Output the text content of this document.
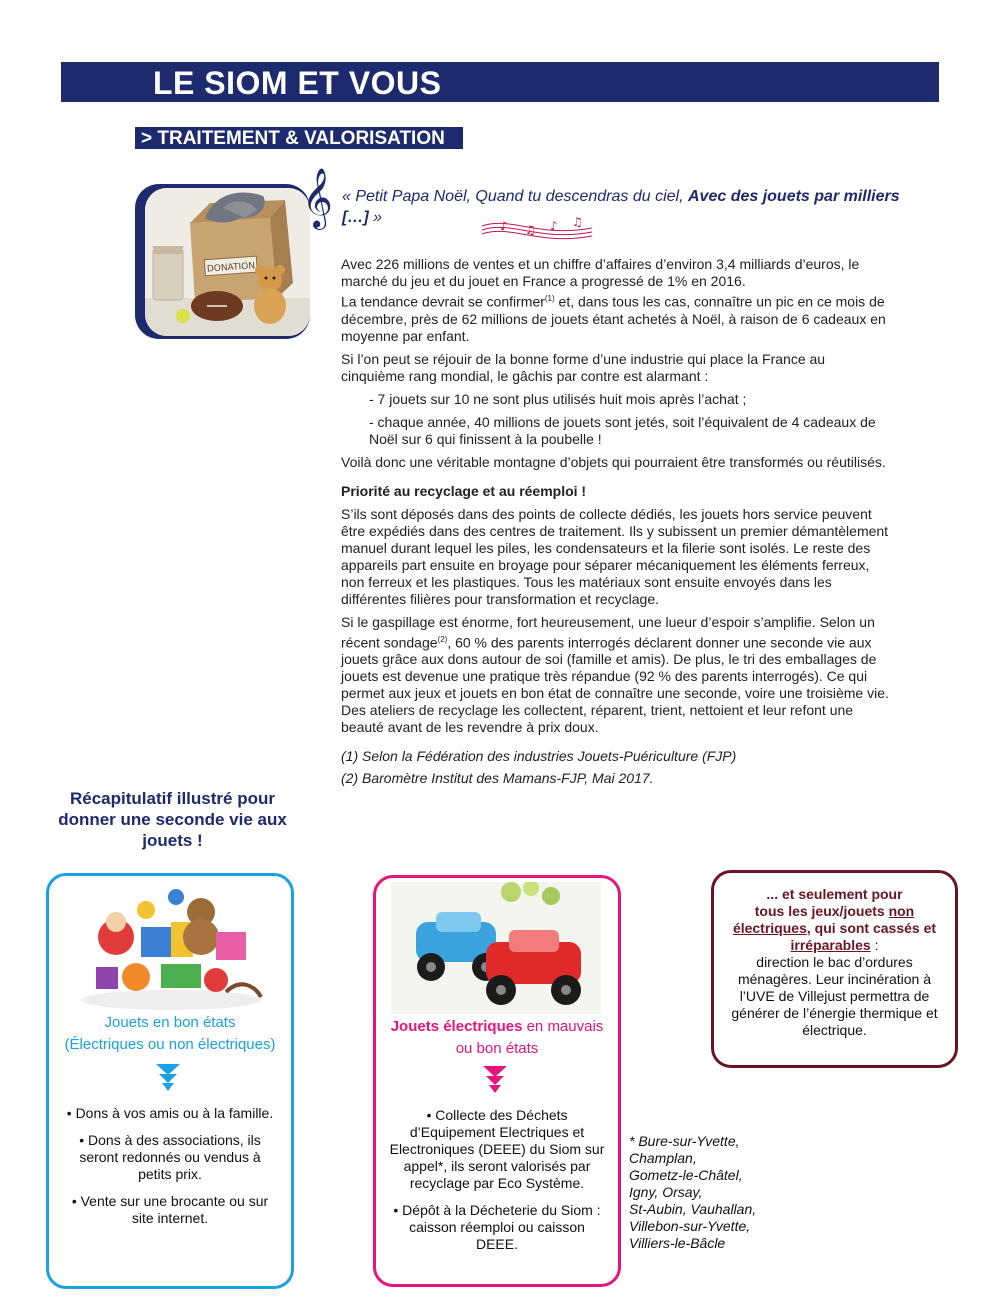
LE SIOM ET VOUS
> TRAITEMENT & VALORISATION
DONATION
𝄞 « Petit Papa Noël, Quand tu descendras du ciel, Avec des jouets par milliers […] »	♪ ♫ ♪ ♫

Avec 226 millions de ventes et un chiffre d’affaires d’environ 3,4 milliards d’euros, le marché du jeu et du jouet en France a progressé de 1% en 2016.
La tendance devrait se confirmer$^{(1)}$ et, dans tous les cas, connaître un pic en ce mois de décembre, près de 62 millions de jouets étant achetés à Noël, à raison de 6 cadeaux en moyenne par enfant.

Si l’on peut se réjouir de la bonne forme d’une industrie qui place la France au cinquième rang mondial, le gâchis par contre est alarmant :

- 7 jouets sur 10 ne sont plus utilisés huit mois après l’achat ;

- chaque année, 40 millions de jouets sont jetés, soit l’équivalent de 4 cadeaux de Noël sur 6 qui finissent à la poubelle !

Voilà donc une véritable montagne d’objets qui pourraient être transformés ou réutilisés.

Priorité au recyclage et au réemploi !

S’ils sont déposés dans des points de collecte dédiés, les jouets hors service peuvent être expédiés dans des centres de traitement. Ils y subissent un premier démantèlement manuel durant lequel les piles, les condensateurs et la filerie sont isolés. Le reste des appareils part ensuite en broyage pour séparer mécaniquement les éléments ferreux, non ferreux et les plastiques. Tous les matériaux sont ensuite envoyés dans les différentes filières pour transformation et recyclage.

Si le gaspillage est énorme, fort heureusement, une lueur d’espoir s’amplifie. Selon un récent sondage$^{(2)}$, 60 % des parents interrogés déclarent donner une seconde vie aux jouets grâce aux dons autour de soi (famille et amis). De plus, le tri des emballages de jouets est devenue une pratique très répandue (92 % des parents interrogés). Ce qui permet aux jeux et jouets en bon état de connaître une seconde, voire une troisième vie. Des ateliers de recyclage les collectent, réparent, trient, nettoient et leur refont une beauté avant de les revendre à prix doux.

(1) Selon la Fédération des industries Jouets-Puériculture (FJP)

(2) Baromètre Institut des Mamans-FJP, Mai 2017.

Récapitulatif illustré pour donner une seconde vie aux jouets !
Jouets en bon états
(Électriques ou non électriques)

• Dons à vos amis ou à la famille.

• Dons à des associations, ils seront redonnés ou vendus à petits prix.

• Vente sur une brocante ou sur site internet.

Jouets électriques en mauvais ou bon états

• Collecte des Déchets d’Equipement Electriques et Electroniques (DEEE) du Siom sur appel*, ils seront valorisés par recyclage par Eco Système.

• Dépôt à la Décheterie du Siom : caisson réemploi ou caisson DEEE.

... et seulement pour
tous les jeux/jouets non électriques, qui sont cassés et irréparables :
direction le bac d’ordures ménagères. Leur incinération à l’UVE de Villejust permettra de générer de l’énergie thermique et électrique.
* Bure-sur-Yvette,
Champlan,
Gometz-le-Châtel,
Igny, Orsay,
St-Aubin, Vauhallan,
Villebon-sur-Yvette,
Villiers-le-Bâcle
